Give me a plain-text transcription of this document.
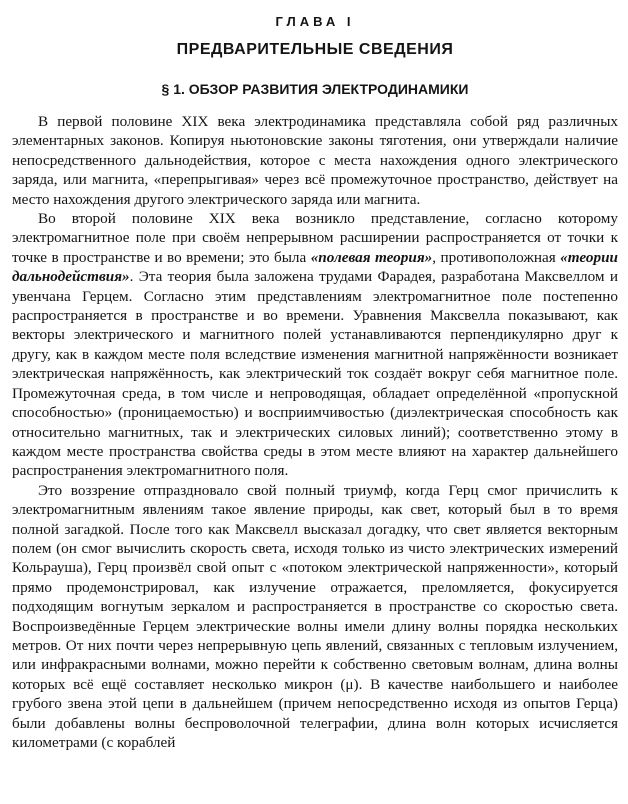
ГЛАВА I
ПРЕДВАРИТЕЛЬНЫЕ СВЕДЕНИЯ
§ 1. ОБЗОР РАЗВИТИЯ ЭЛЕКТРОДИНАМИКИ

В первой половине XIX века электродинамика представляла собой ряд различных элементарных законов. Копируя ньютоновские законы тяготения, они утверждали наличие непосредственного дальнодействия, которое с места нахождения одного электрического заряда, или магнита, «перепрыгивая» через всё промежуточное пространство, действует на место нахождения другого электрического заряда или магнита.

Во второй половине XIX века возникло представление, согласно которому электромагнитное поле при своём непрерывном расширении распространяется от точки к точке в пространстве и во времени; это была «полевая теория», противоположная «теории дальнодействия». Эта теория была заложена трудами Фарадея, разработана Максвеллом и увенчана Герцем. Согласно этим представлениям электромагнитное поле постепенно распространяется в пространстве и во времени. Уравнения Максвелла показывают, как векторы электрического и магнитного полей устанавливаются перпендикулярно друг к другу, как в каждом месте поля вследствие изменения магнитной напряжённости возникает электрическая напряжённость, как электрический ток создаёт вокруг себя магнитное поле. Промежуточная среда, в том числе и непроводящая, обладает определённой «пропускной способностью» (проницаемостью) и восприимчивостью (диэлектрическая способность как относительно магнитных, так и электрических силовых линий); соответственно этому в каждом месте пространства свойства среды в этом месте влияют на характер дальнейшего распространения электромагнитного поля.

Это воззрение отпраздновало свой полный триумф, когда Герц смог причислить к электромагнитным явлениям такое явление природы, как свет, который был в то время полной загадкой. После того как Максвелл высказал догадку, что свет является векторным полем (он смог вычислить скорость света, исходя только из чисто электрических измерений Кольрауша), Герц произвёл свой опыт с «потоком электрической напряженности», который прямо продемонстрировал, как излучение отражается, преломляется, фокусируется подходящим вогнутым зеркалом и распространяется в пространстве со скоростью света. Воспроизведённые Герцем электрические волны имели длину волны порядка нескольких метров. От них почти через непрерывную цепь явлений, связанных с тепловым излучением, или инфракрасными волнами, можно перейти к собственно световым волнам, длина волны которых всё ещё составляет несколько микрон (μ). В качестве наибольшего и наиболее грубого звена этой цепи в дальнейшем (причем непосредственно исходя из опытов Герца) были добавлены волны беспроволочной телеграфии, длина волн которых исчисляется километрами (с кораблей
